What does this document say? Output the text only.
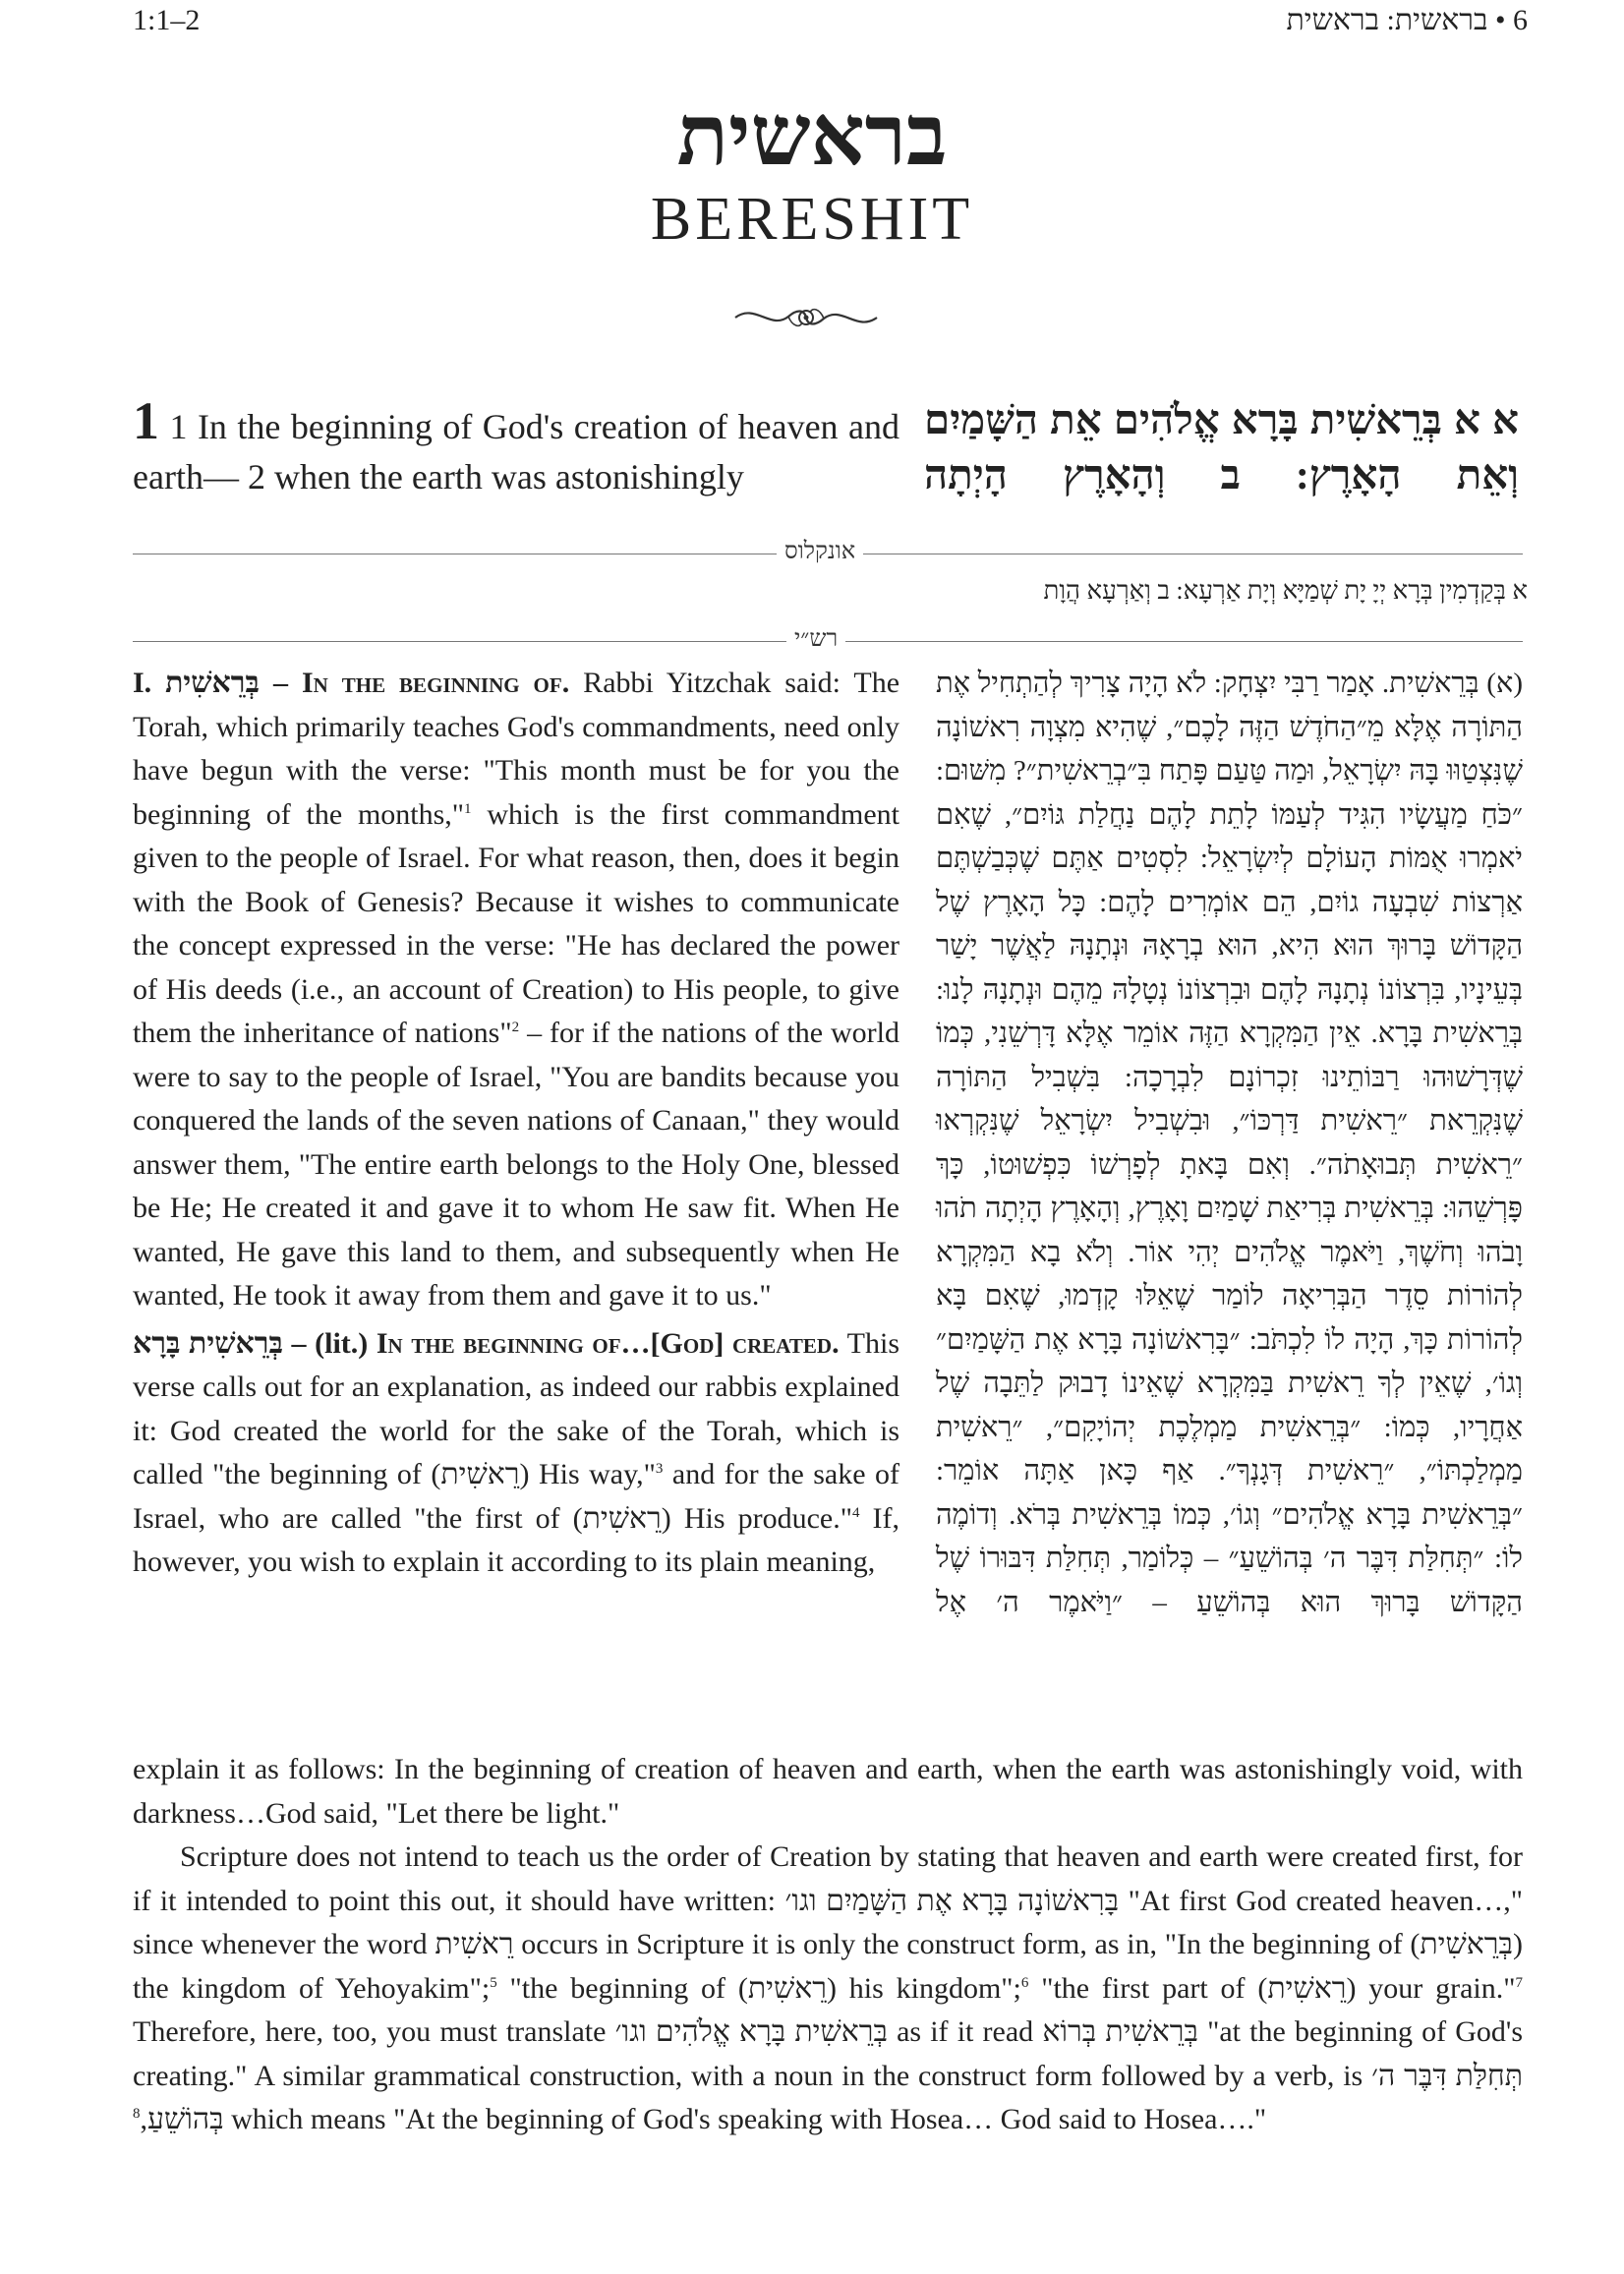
1:1–2	6 • בראשית: בראשית
בראשית
BERESHIT
1 1 In the beginning of God's creation of heaven and earth— 2 when the earth was astonishingly
א א בְּרֵאשִׁית בָּרָא אֱלֹהִים אֵת הַשָּׁמַיִם וְאֵת הָאָרֶץ: ב וְהָאָרֶץ הָיְתָה
אונקלוס
א בְּקַדְמִין בְּרָא יְיָ יָת שְׁמַיָּא וְיָת אַרְעָא: ב וְאַרְעָא הֲוָת
רש״י

I. בְּרֵאשִׁית – In the beginning of. Rabbi Yitzchak said: The Torah, which primarily teaches God's commandments, need only have begun with the verse: "This month must be for you the beginning of the months,"$^1$ which is the first commandment given to the people of Israel. For what reason, then, does it begin with the Book of Genesis? Because it wishes to communicate the concept expressed in the verse: "He has declared the power of His deeds (i.e., an account of Creation) to His people, to give them the inheritance of nations"$^2$ – for if the nations of the world were to say to the people of Israel, "You are bandits because you conquered the lands of the seven nations of Canaan," they would answer them, "The entire earth belongs to the Holy One, blessed be He; He created it and gave it to whom He saw fit. When He wanted, He gave this land to them, and subsequently when He wanted, He took it away from them and gave it to us."

בְּרֵאשִׁית בָּרָא – (lit.) In the beginning of…[God] created. This verse calls out for an explanation, as indeed our rabbis explained it: God created the world for the sake of the Torah, which is called "the beginning of (רֵאשִׁית) His way,"$^3$ and for the sake of Israel, who are called "the first of (רֵאשִׁית) His produce."$^4$ If, however, you wish to explain it according to its plain meaning,

(א) בְּרֵאשִׁית. אָמַר רַבִּי יִצְחָק: לֹא הָיָה צָרִיךְ לְהַתְחִיל אֶת הַתּוֹרָה אֶלָּא מֵ״הַחֹדֶשׁ הַזֶּה לָכֶם״, שֶׁהִיא מִצְוָה רִאשׁוֹנָה שֶׁנִּצְטַוּוּ בָּהּ יִשְׂרָאֵל, וּמַה טַּעַם פָּתַח בִּ״בְרֵאשִׁית״? מִשּׁוּם: ״כֹּחַ מַעֲשָׂיו הִגִּיד לְעַמּוֹ לָתֵת לָהֶם נַחֲלַת גּוֹיִם״, שֶׁאִם יֹאמְרוּ אֻמּוֹת הָעוֹלָם לְיִשְׂרָאֵל: לִסְטִים אַתֶּם שֶׁכְּבַשְׁתֶּם אַרְצוֹת שִׁבְעָה גוֹיִם, הֵם אוֹמְרִים לָהֶם: כָּל הָאָרֶץ שֶׁל הַקָּדוֹשׁ בָּרוּךְ הוּא הִיא, הוּא בְרָאָהּ וּנְתָנָהּ לַאֲשֶׁר יָשַׁר בְּעֵינָיו, בִּרְצוֹנוֹ נְתָנָהּ לָהֶם וּבִרְצוֹנוֹ נְטָלָהּ מֵהֶם וּנְתָנָהּ לָנוּ: בְּרֵאשִׁית בָּרָא. אֵין הַמִּקְרָא הַזֶּה אוֹמֵר אֶלָּא דָּרְשֵׁנִי, כְּמוֹ שֶׁדְּרָשׁוּהוּ רַבּוֹתֵינוּ זִכְרוֹנָם לִבְרָכָה: בִּשְׁבִיל הַתּוֹרָה שֶׁנִּקְרֵאת ״רֵאשִׁית דַּרְכּוֹ״, וּבִשְׁבִיל יִשְׂרָאֵל שֶׁנִּקְרְאוּ ״רֵאשִׁית תְּבוּאָתֹה״. וְאִם בָּאתָ לְפָרְשׁוֹ כִּפְשׁוּטוֹ, כָּךְ פָּרְשֵׁהוּ: בְּרֵאשִׁית בְּרִיאַת שָׁמַיִם וָאָרֶץ, וְהָאָרֶץ הָיְתָה תֹהוּ וָבֹהוּ וְחֹשֶׁךְ, וַיֹּאמֶר אֱלֹהִים יְהִי אוֹר. וְלֹא בָא הַמִּקְרָא לְהוֹרוֹת סֵדֶר הַבְּרִיאָה לוֹמַר שֶׁאֵלּוּ קָדְמוּ, שֶׁאִם בָּא לְהוֹרוֹת כָּךְ, הָיָה לוֹ לִכְתֹּב: ״בָּרִאשׁוֹנָה בָּרָא אֶת הַשָּׁמַיִם״ וְגוֹ׳, שֶׁאֵין לְךָ רֵאשִׁית בַּמִּקְרָא שֶׁאֵינוֹ דָבוּק לַתֵּבָה שֶׁל אַחֲרָיו, כְּמוֹ: ״בְּרֵאשִׁית מַמְלֶכֶת יְהוֹיָקִם״, ״רֵאשִׁית מַמְלַכְתּוֹ״, ״רֵאשִׁית דְּגָנְךָ״. אַף כָּאן אַתָּה אוֹמֵר: ״בְּרֵאשִׁית בָּרָא אֱלֹהִים״ וְגוֹ׳, כְּמוֹ בְּרֵאשִׁית בְּרֹא. וְדוֹמֶה לוֹ: ״תְּחִלַּת דִּבֶּר ה׳ בְּהוֹשֵׁעַ״ – כְּלוֹמַר, תְּחִלַּת דִּבּוּרוֹ שֶׁל הַקָּדוֹשׁ בָּרוּךְ הוּא בְּהוֹשֵׁעַ – ״וַיֹּאמֶר ה׳ אֶל

explain it as follows: In the beginning of creation of heaven and earth, when the earth was astonishingly void, with darkness…God said, "Let there be light."

Scripture does not intend to teach us the order of Creation by stating that heaven and earth were created first, for if it intended to point this out, it should have written: בָּרִאשׁוֹנָה בָּרָא אֶת הַשָּׁמַיִם וגו׳ "At first God created heaven…," since whenever the word רֵאשִׁית occurs in Scripture it is only the construct form, as in, "In the beginning of (בְּרֵאשִׁית) the kingdom of Yehoyakim";$^5$ "the beginning of (רֵאשִׁית) his kingdom";$^6$ "the first part of (רֵאשִׁית) your grain."$^7$ Therefore, here, too, you must translate בְּרֵאשִׁית בָּרָא אֱלֹהִים וגו׳ as if it read בְּרֵאשִׁית בְּרוֹא "at the beginning of God's creating." A similar grammatical construction, with a noun in the construct form followed by a verb, is תְּחִלַּת דִּבֶּר ה׳ בְּהוֹשֵׁעַ,$^8$	which means "At the beginning of God's speaking with Hosea… God said to Hosea…."
